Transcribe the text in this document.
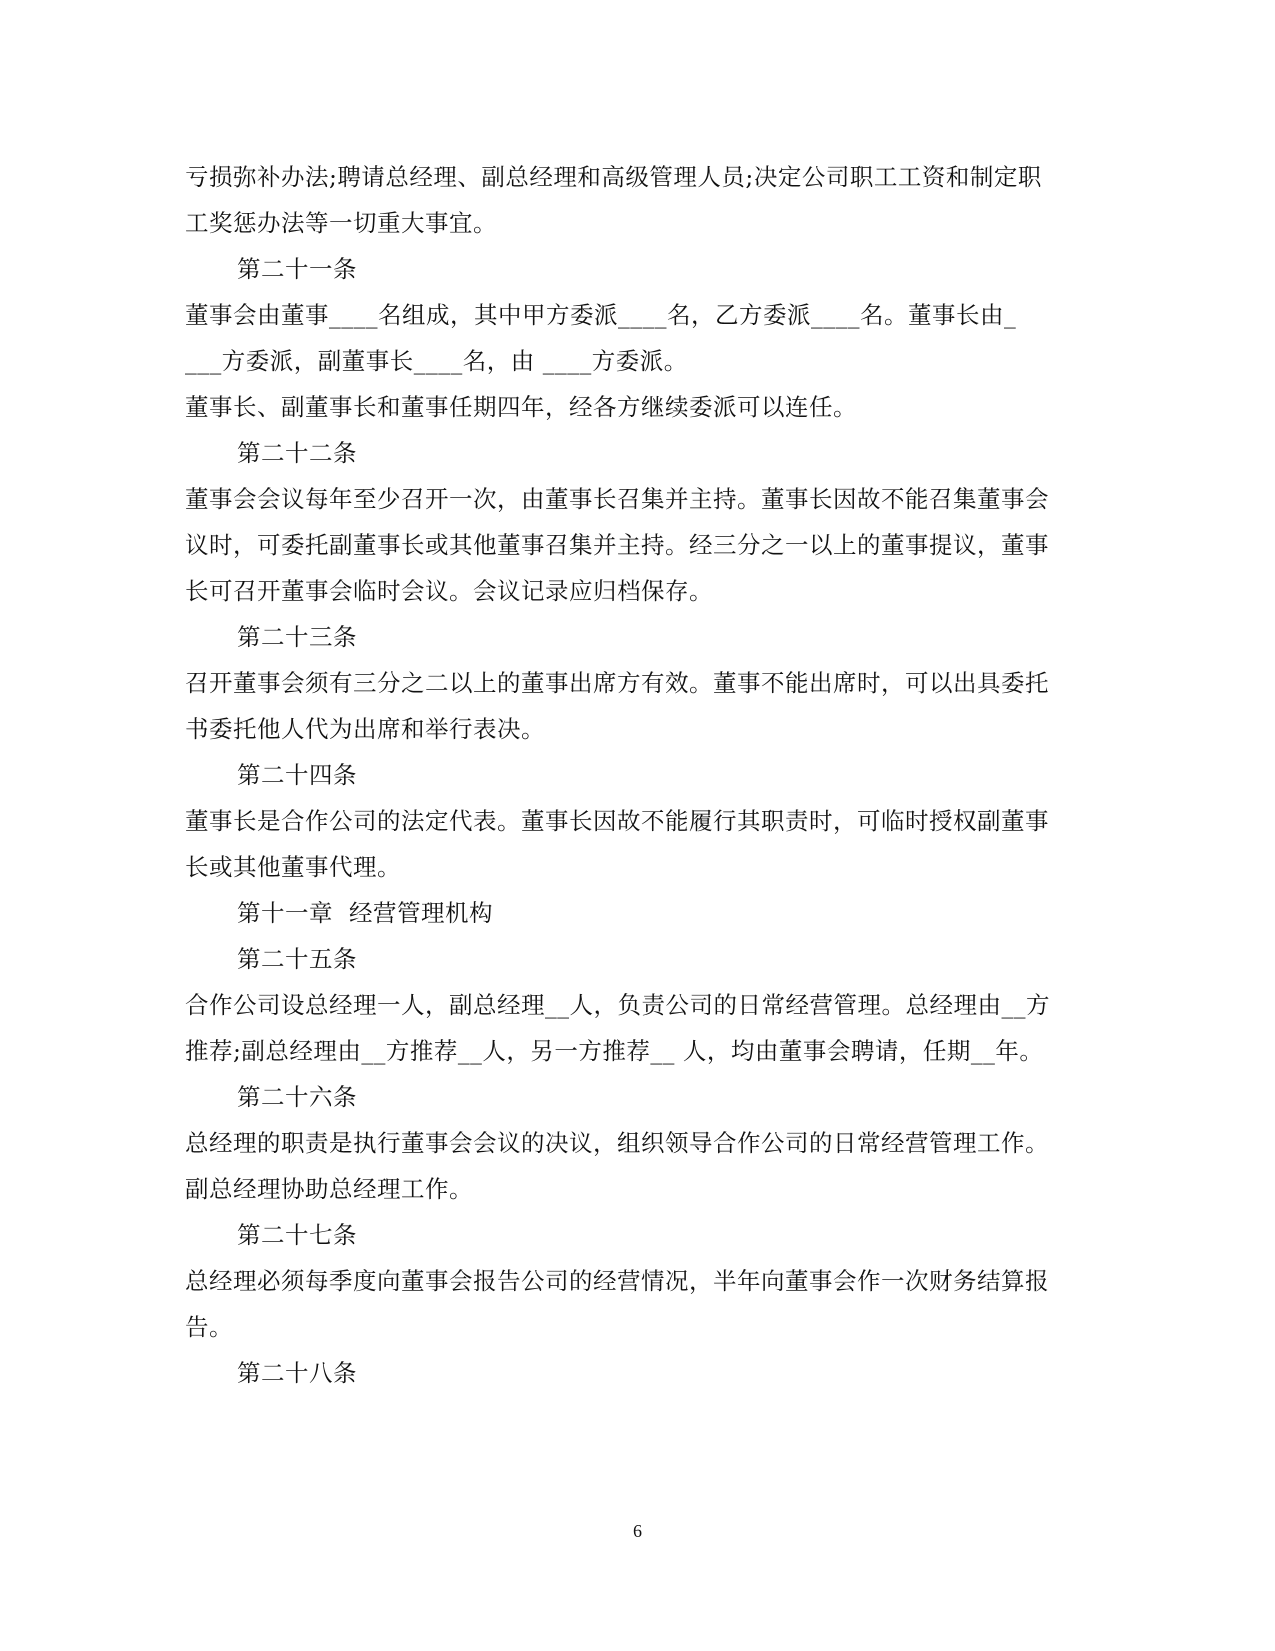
亏损弥补办法;聘请总经理、副总经理和高级管理人员;决定公司职工工资和制定职
工奖惩办法等一切重大事宜。
第二十一条
董事会由董事____名组成，其中甲方委派____名，乙方委派____名。董事长由_
___方委派，副董事长____名，由 ____方委派。
董事长、副董事长和董事任期四年，经各方继续委派可以连任。
第二十二条
董事会会议每年至少召开一次，由董事长召集并主持。董事长因故不能召集董事会
议时，可委托副董事长或其他董事召集并主持。经三分之一以上的董事提议，董事
长可召开董事会临时会议。会议记录应归档保存。
第二十三条
召开董事会须有三分之二以上的董事出席方有效。董事不能出席时，可以出具委托
书委托他人代为出席和举行表决。
第二十四条
董事长是合作公司的法定代表。董事长因故不能履行其职责时，可临时授权副董事
长或其他董事代理。
第十一章  经营管理机构
第二十五条
合作公司设总经理一人，副总经理__人，负责公司的日常经营管理。总经理由__方
推荐;副总经理由__方推荐__人，另一方推荐__ 人，均由董事会聘请，任期__年。
第二十六条
总经理的职责是执行董事会会议的决议，组织领导合作公司的日常经营管理工作。
副总经理协助总经理工作。
第二十七条
总经理必须每季度向董事会报告公司的经营情况，半年向董事会作一次财务结算报
告。
第二十八条
6
